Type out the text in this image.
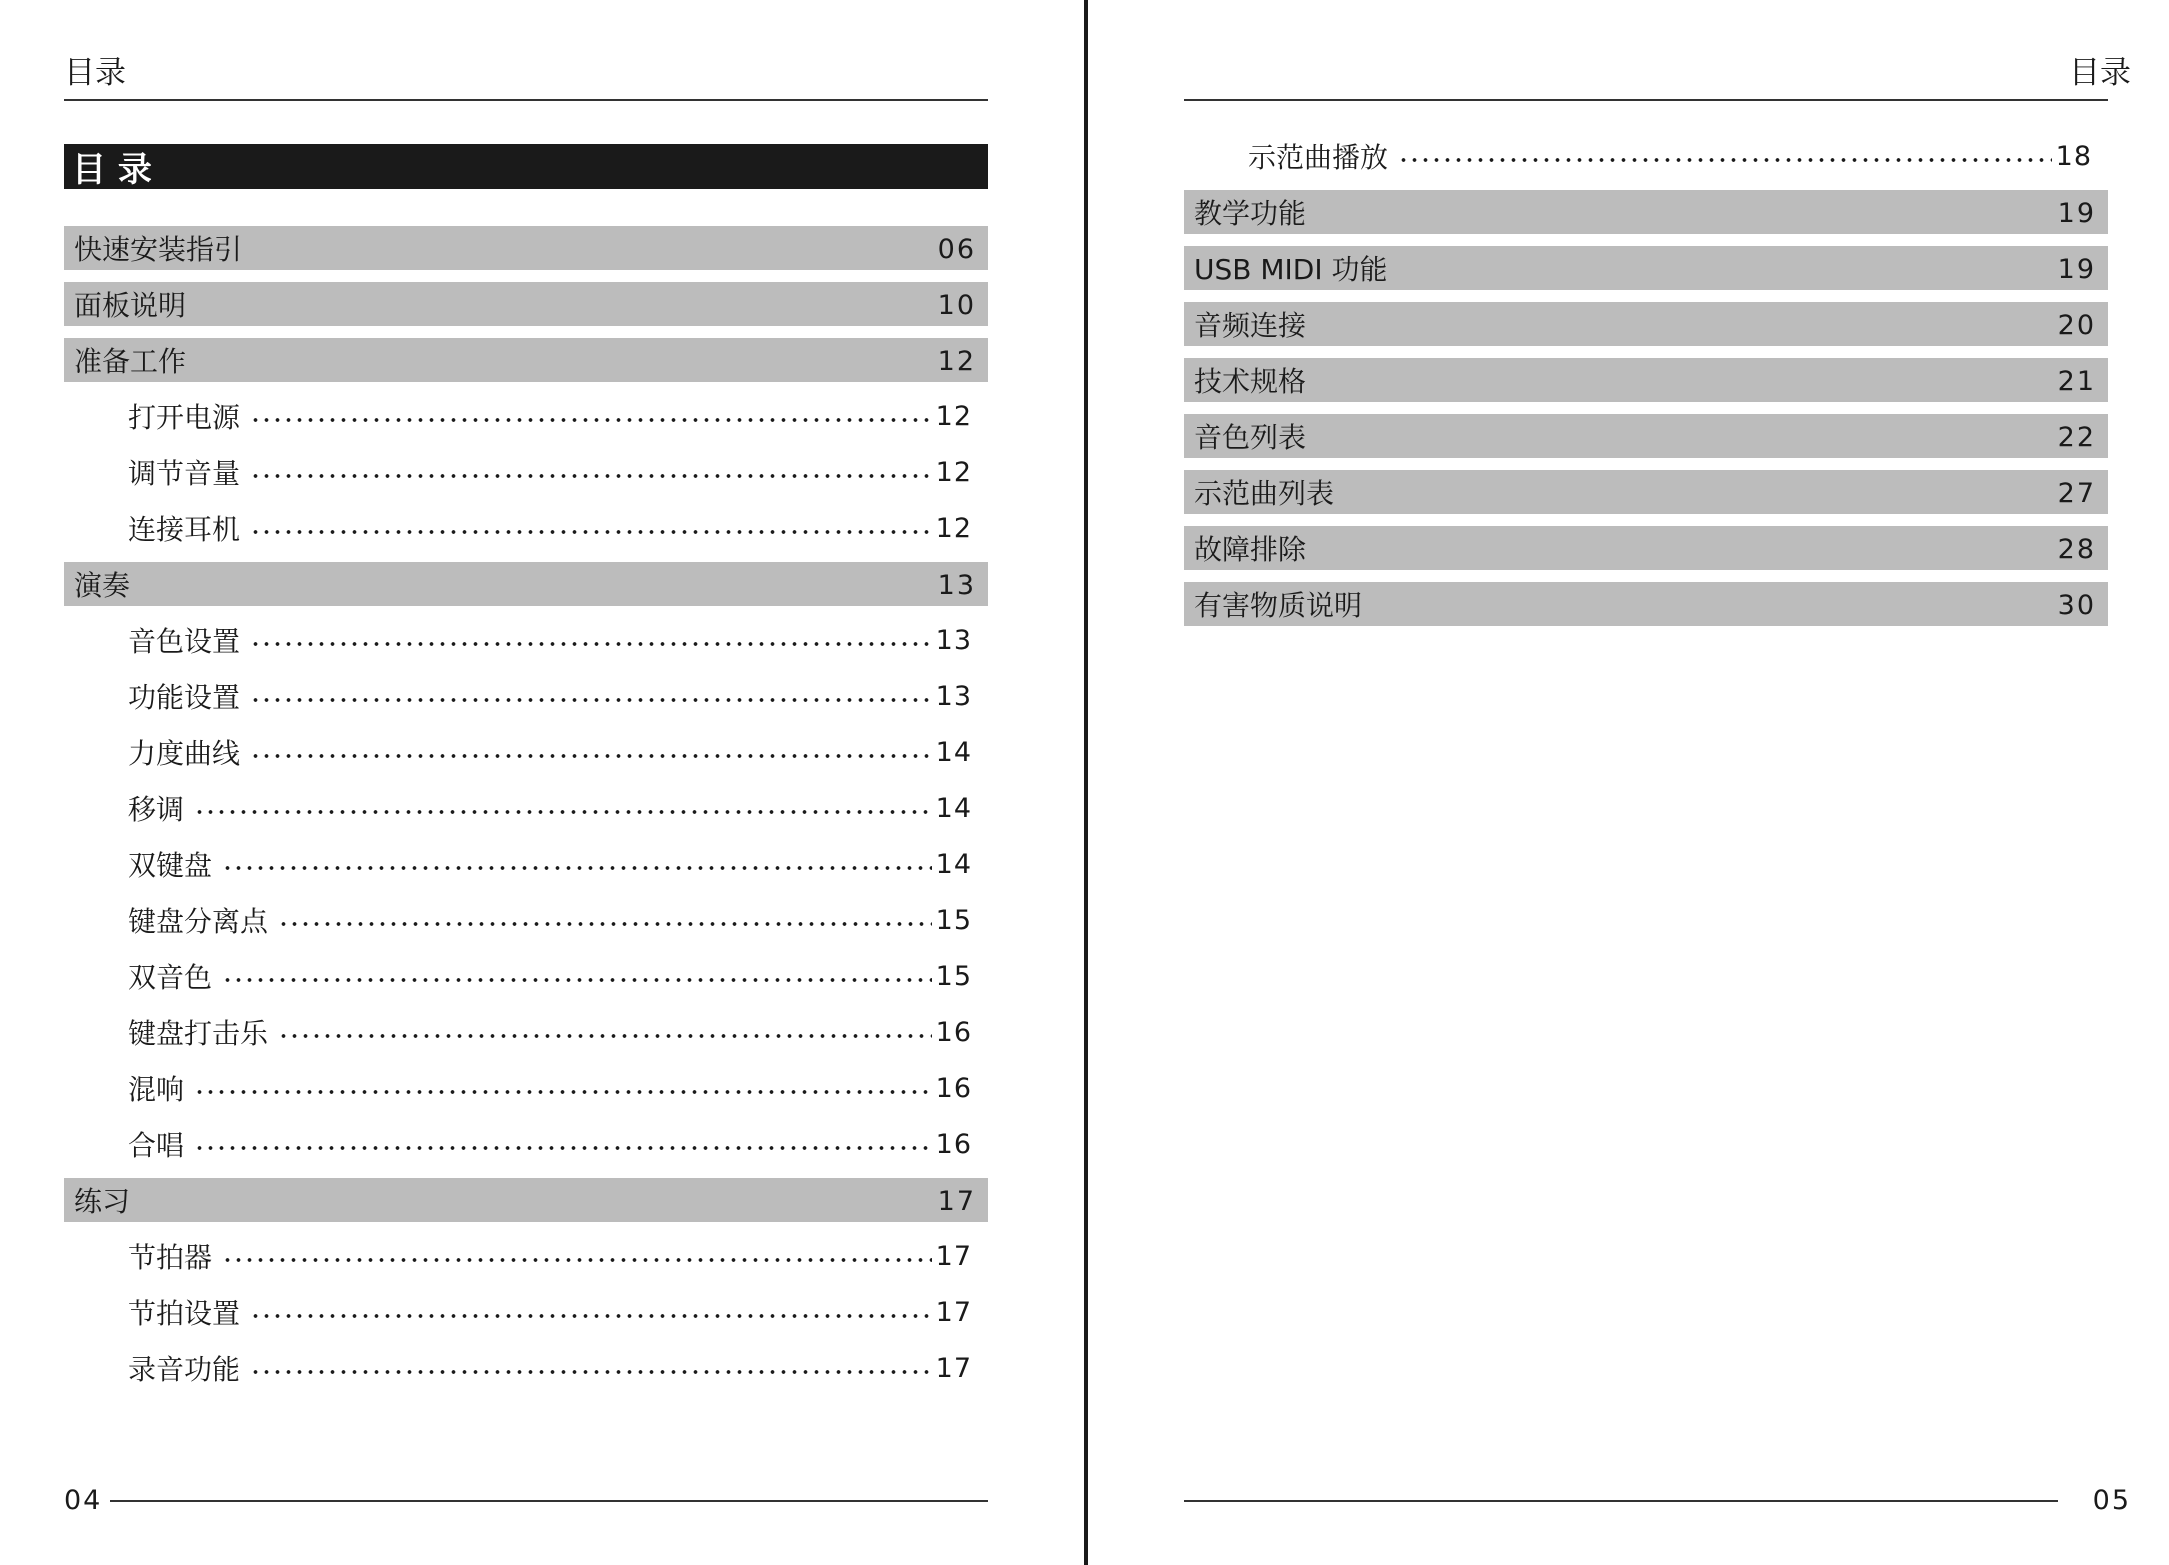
目录
目 录
快速安装指引	06
面板说明	10
准备工作	12
打开电源	12
调节音量	12
连接耳机	12
演奏	13
音色设置	13
功能设置	13
力度曲线	14
移调	14
双键盘	14
键盘分离点	15
双音色	15
键盘打击乐	16
混响	16
合唱	16
练习	17
节拍器	17
节拍设置	17
录音功能	17
04
目录
示范曲播放	18
教学功能	19
USB MIDI 功能	19
音频连接	20
技术规格	21
音色列表	22
示范曲列表	27
故障排除	28
有害物质说明	30
05
